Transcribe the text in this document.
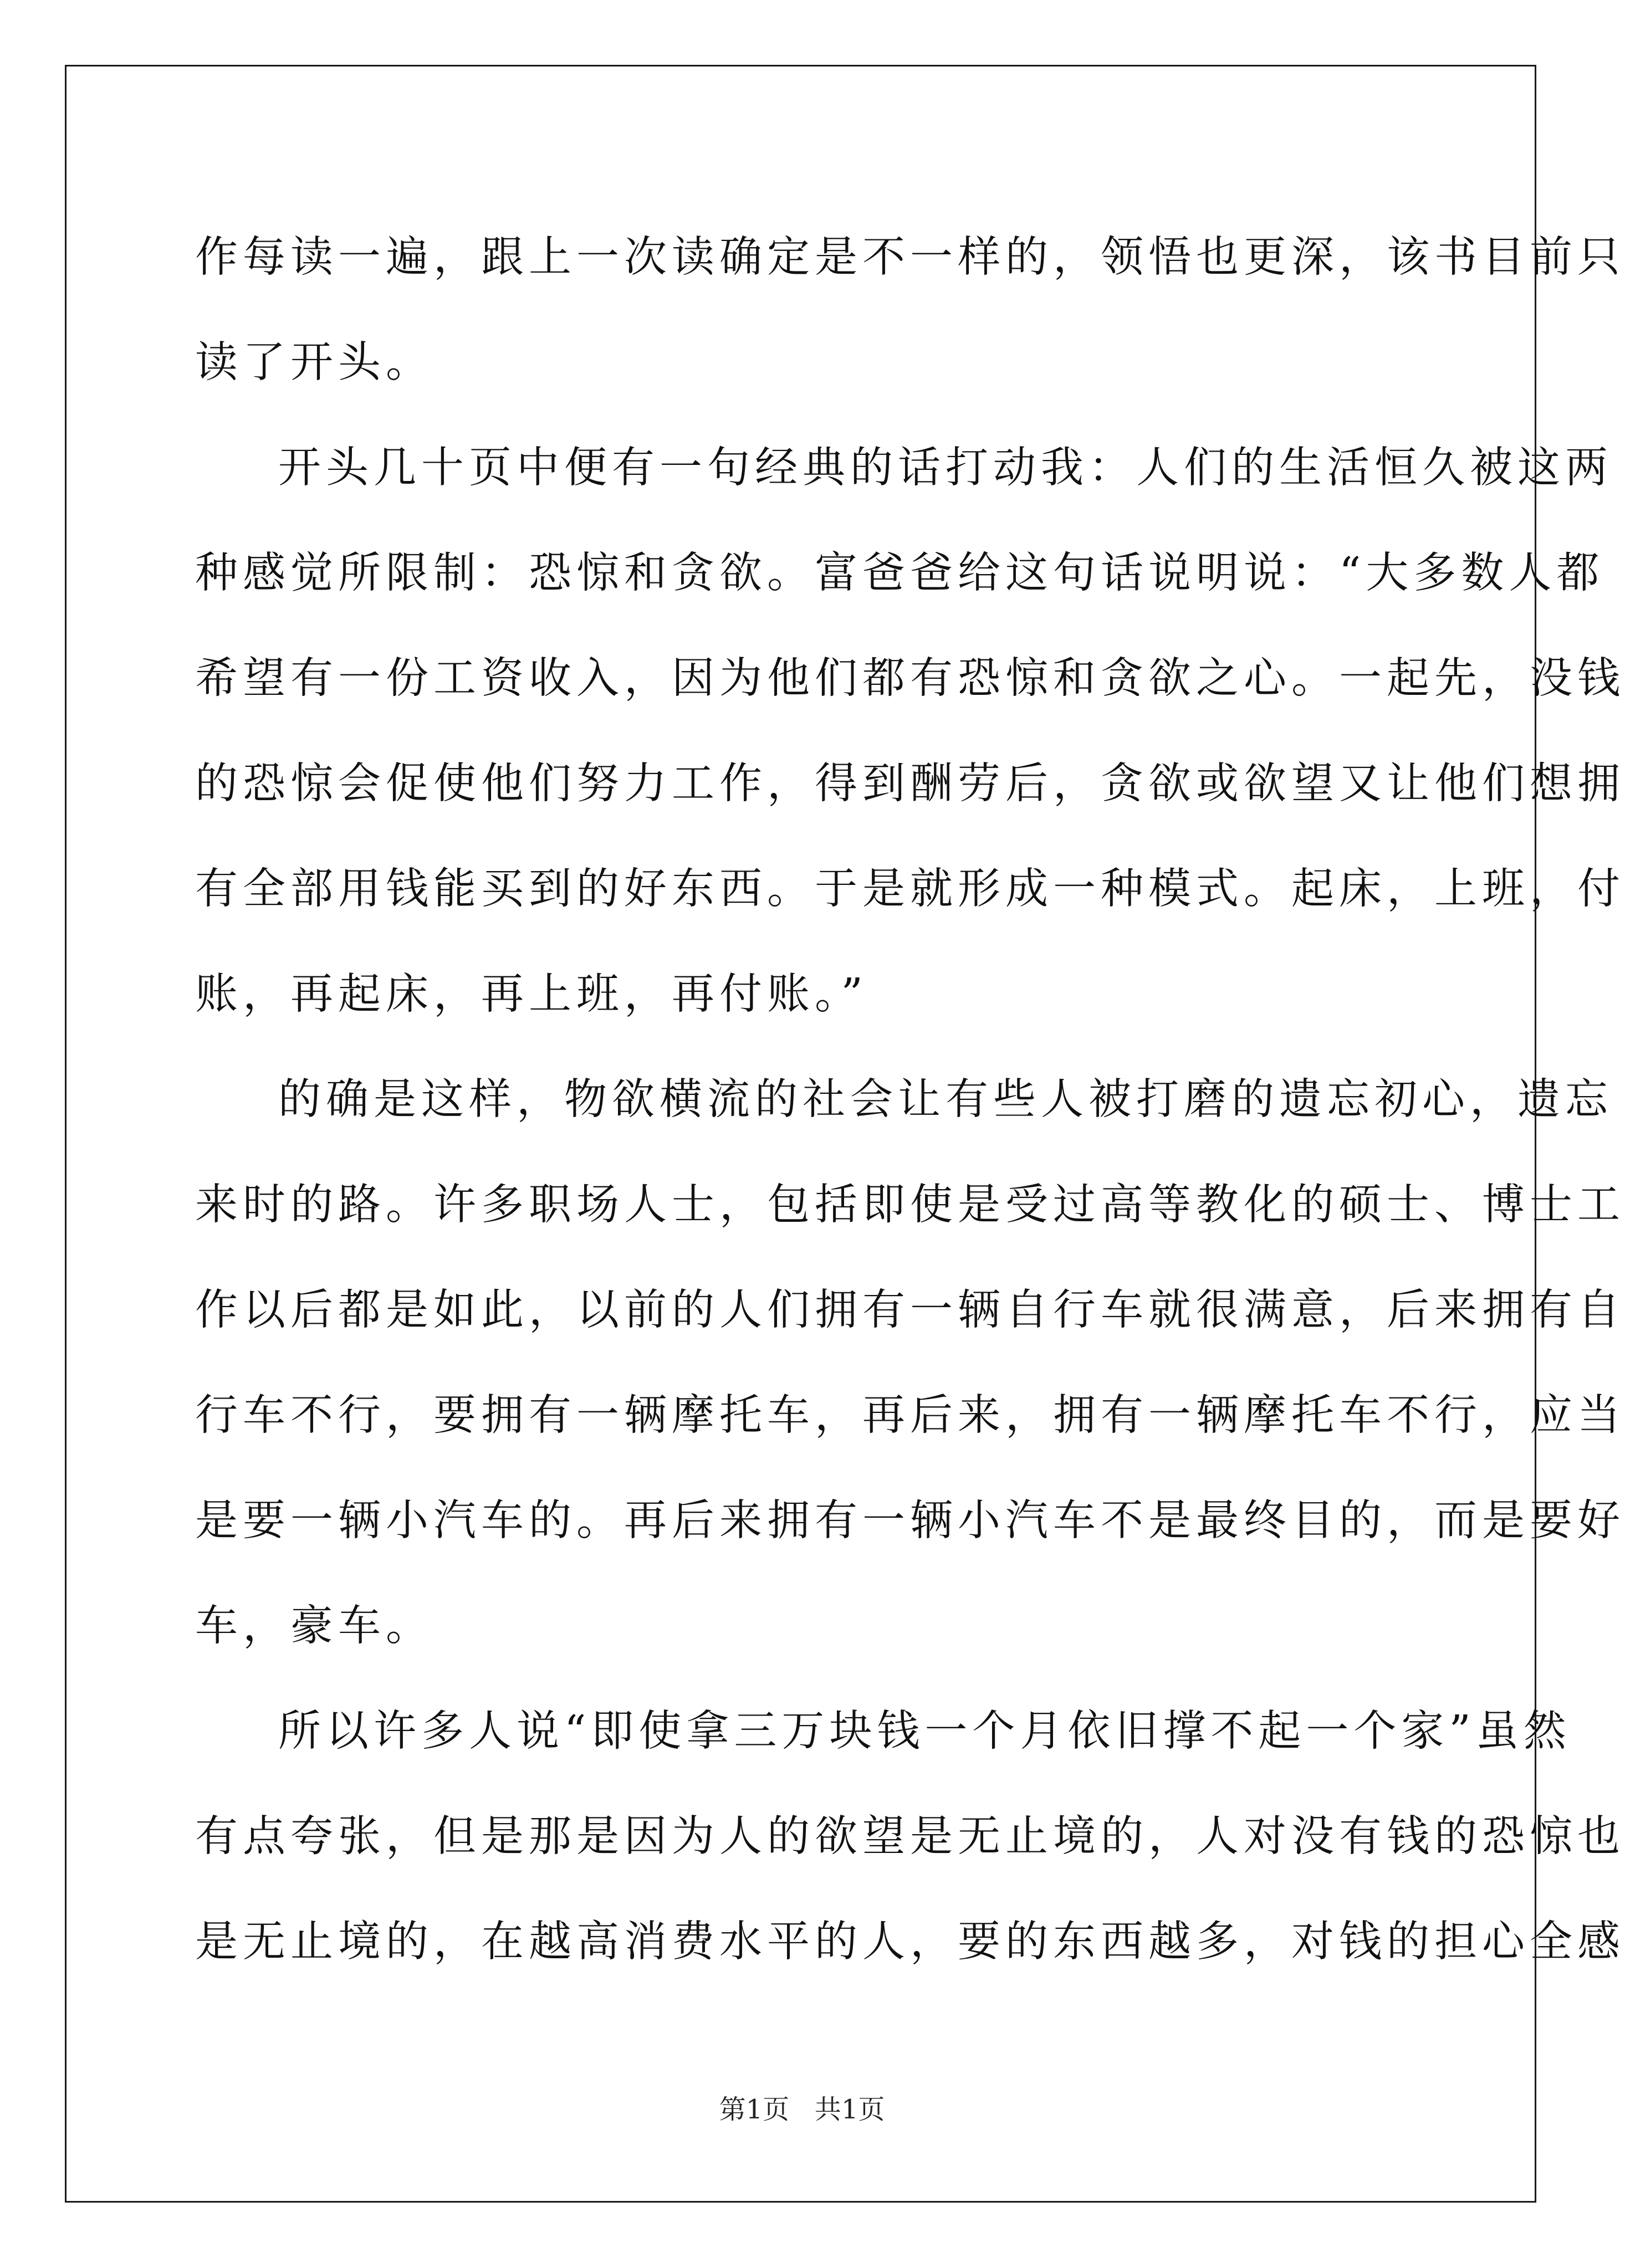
作每读一遍，跟上一次读确定是不一样的，领悟也更深，该书目前只
读了开头。
开头几十页中便有一句经典的话打动我：人们的生活恒久被这两
种感觉所限制：恐惊和贪欲。富爸爸给这句话说明说：“大多数人都
希望有一份工资收入，因为他们都有恐惊和贪欲之心。一起先，没钱
的恐惊会促使他们努力工作，得到酬劳后，贪欲或欲望又让他们想拥
有全部用钱能买到的好东西。于是就形成一种模式。起床，上班，付
账，再起床，再上班，再付账。”
的确是这样，物欲横流的社会让有些人被打磨的遗忘初心，遗忘
来时的路。许多职场人士，包括即使是受过高等教化的硕士、博士工
作以后都是如此，以前的人们拥有一辆自行车就很满意，后来拥有自
行车不行，要拥有一辆摩托车，再后来，拥有一辆摩托车不行，应当
是要一辆小汽车的。再后来拥有一辆小汽车不是最终目的，而是要好
车，豪车。
所以许多人说“即使拿三万块钱一个月依旧撑不起一个家”虽然
有点夸张，但是那是因为人的欲望是无止境的，人对没有钱的恐惊也
是无止境的，在越高消费水平的人，要的东西越多，对钱的担心全感
第1页 共1页
